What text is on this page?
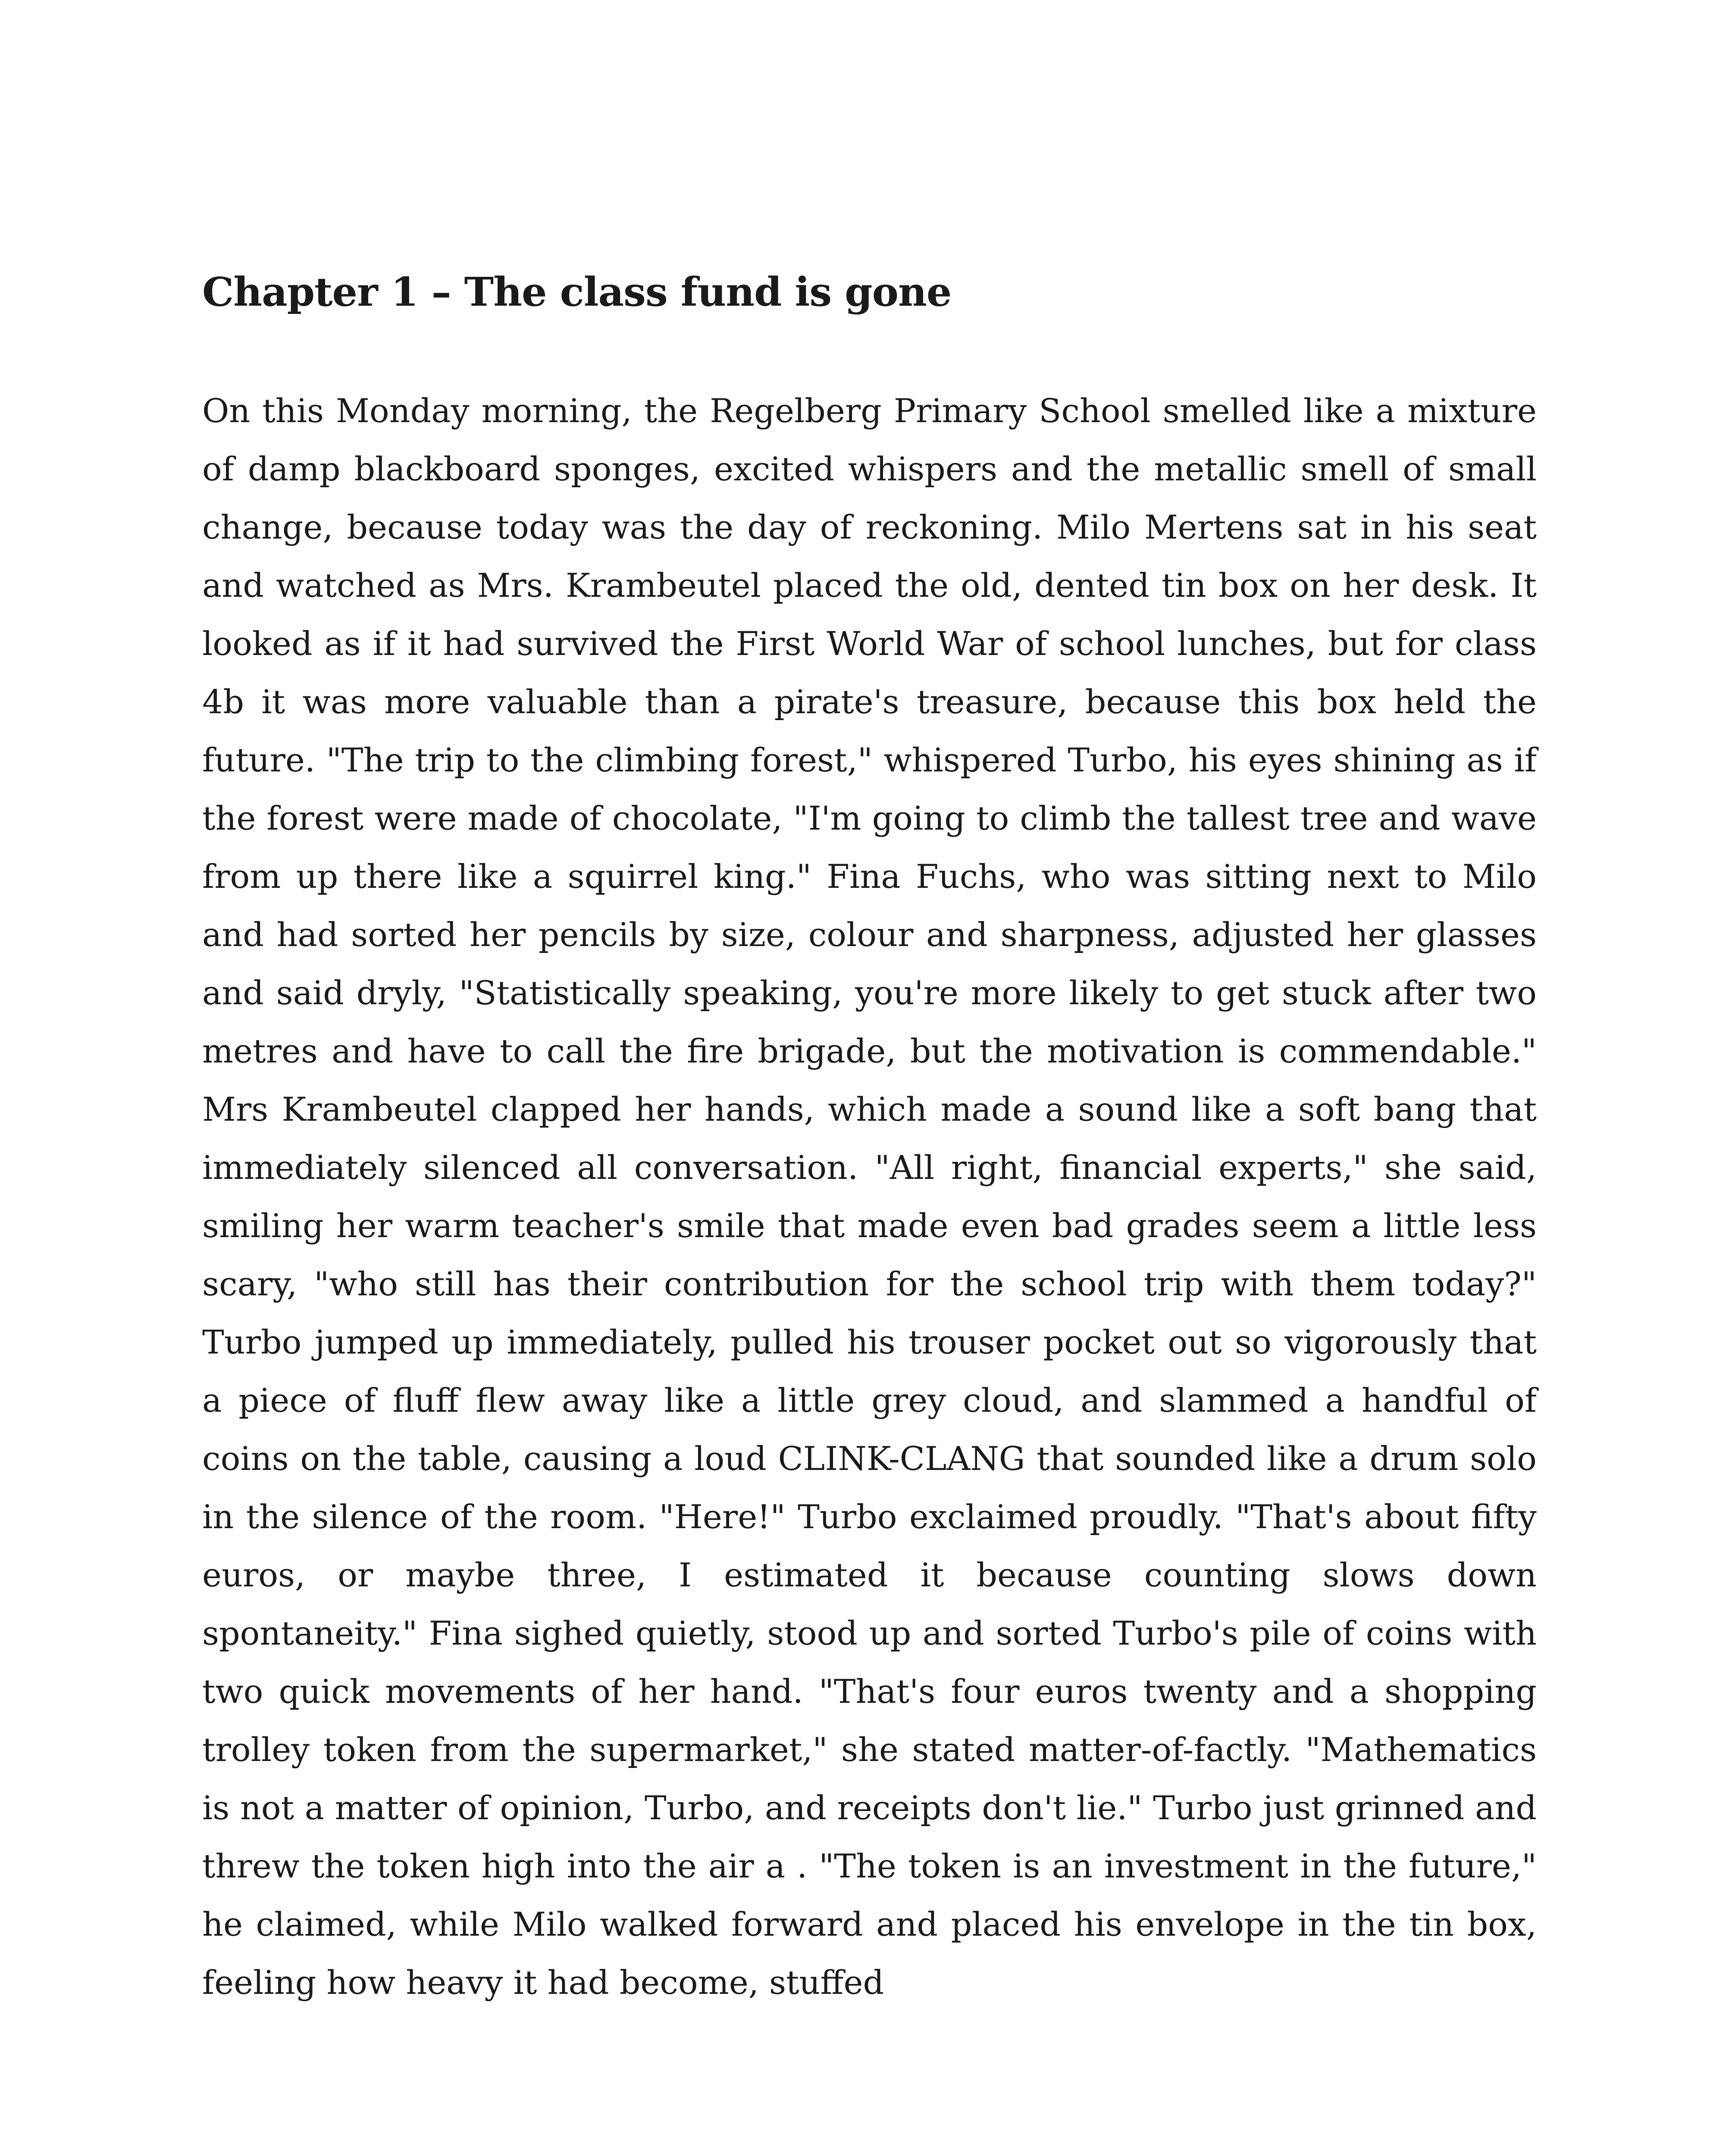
Chapter 1 – The class fund is gone

On this Monday morning, the Regelberg Primary School smelled like a mixture of damp blackboard sponges, excited whispers and the metallic smell of small change, because today was the day of reckoning. Milo Mertens sat in his seat and watched as Mrs. Krambeutel placed the old, dented tin box on her desk. It looked as if it had survived the First World War of school lunches, but for class 4b it was more valuable than a pirate's treasure, because this box held the future. "The trip to the climbing forest," whispered Turbo, his eyes shining as if the forest were made of chocolate, "I'm going to climb the tallest tree and wave from up there like a squirrel king." Fina Fuchs, who was sitting next to Milo and had sorted her pencils by size, colour and sharpness, adjusted her glasses and said dryly, "Statistically speaking, you're more likely to get stuck after two metres and have to call the fire brigade, but the motivation is commendable." Mrs Krambeutel clapped her hands, which made a sound like a soft bang that immediately silenced all conversation. "All right, financial experts," she said, smiling her warm teacher's smile that made even bad grades seem a little less scary, "who still has their contribution for the school trip with them today?" Turbo jumped up immediately, pulled his trouser pocket out so vigorously that a piece of fluff flew away like a little grey cloud, and slammed a handful of coins on the table, causing a loud CLINK-CLANG that sounded like a drum solo in the silence of the room. "Here!" Turbo exclaimed proudly. "That's about fifty euros, or maybe three, I estimated it because counting slows down spontaneity." Fina sighed quietly, stood up and sorted Turbo's pile of coins with two quick movements of her hand. "That's four euros twenty and a shopping trolley token from the supermarket," she stated matter-of-factly. "Mathematics is not a matter of opinion, Turbo, and receipts don't lie." Turbo just grinned and threw the token high into the air a . "The token is an investment in the future," he claimed, while Milo walked forward and placed his envelope in the tin box, feeling how heavy it had become, stuffed
